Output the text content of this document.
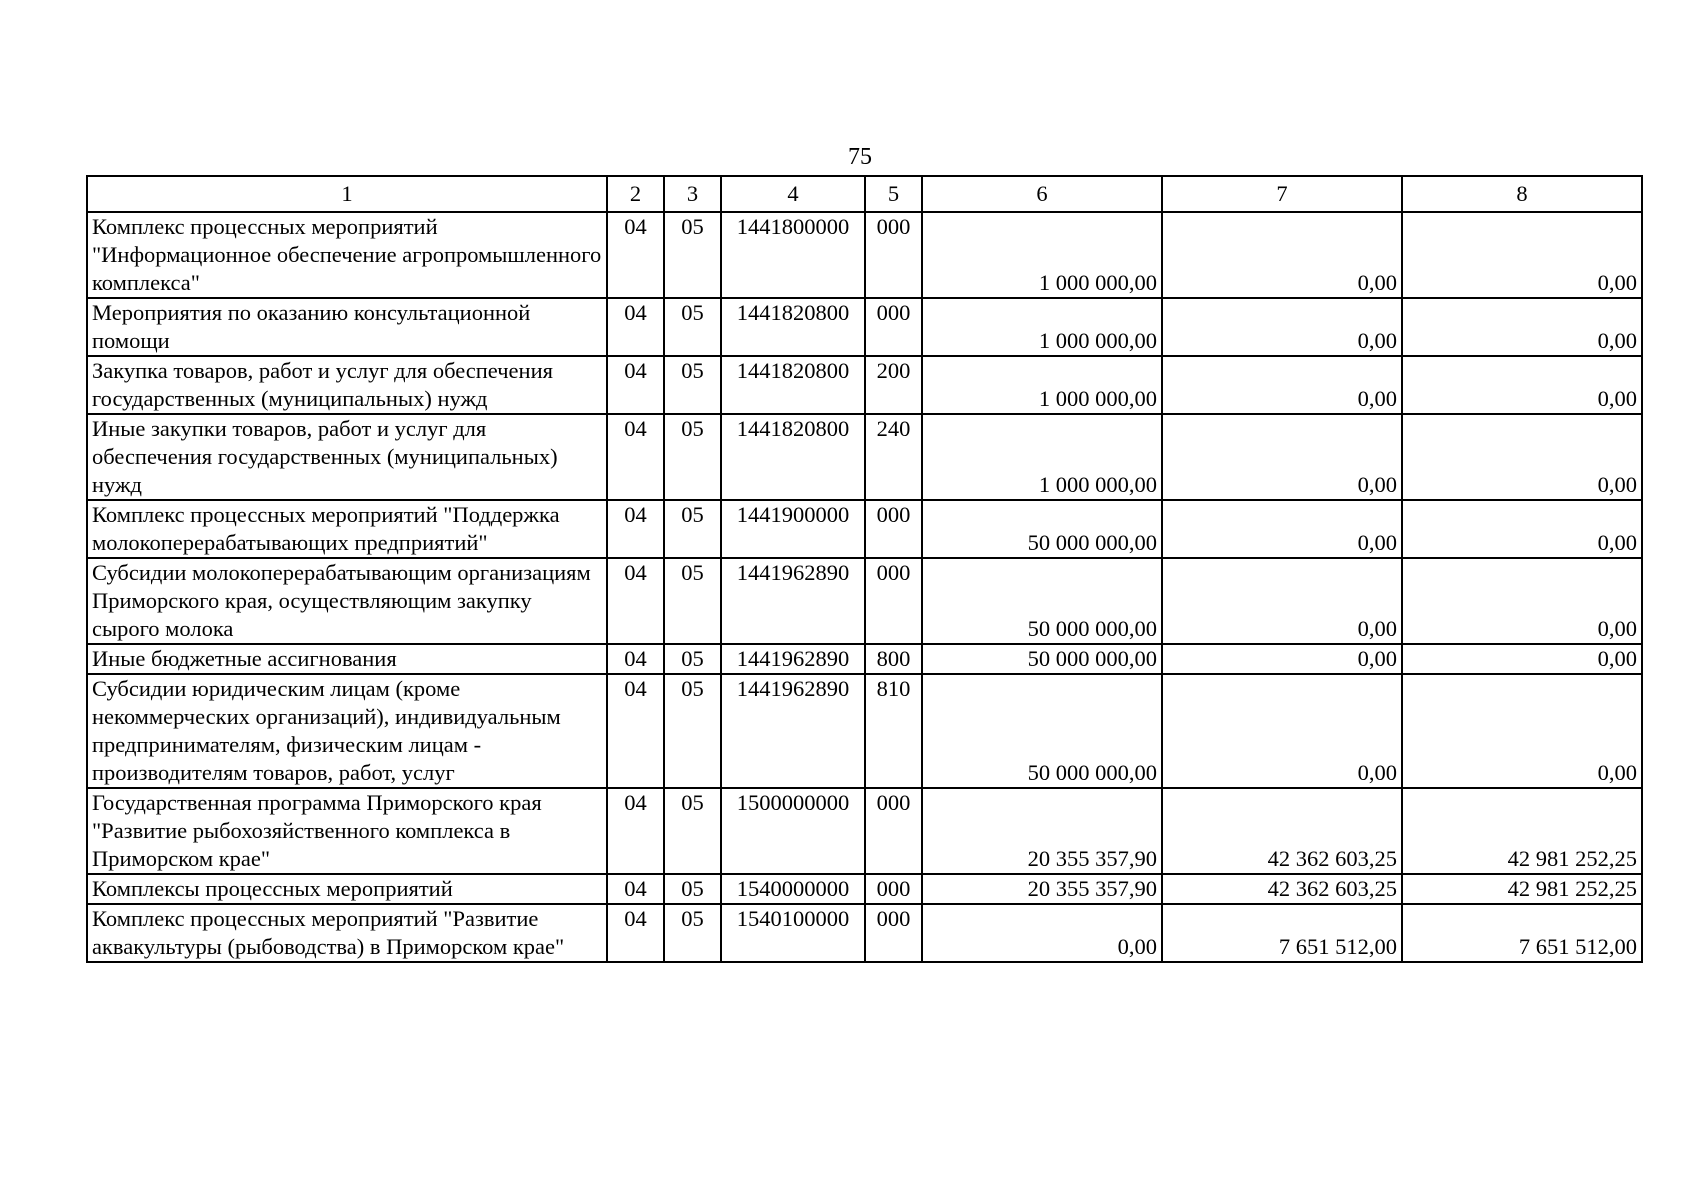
75
1	2	3	4	5	6	7	8
Комплекс процессных мероприятий "Информационное обеспечение агропромышленного комплекса"	04	05	1441800000	000	1 000 000,00	0,00	0,00
Мероприятия по оказанию консультационной помощи	04	05	1441820800	000	1 000 000,00	0,00	0,00
Закупка товаров, работ и услуг для обеспечения государственных (муниципальных) нужд	04	05	1441820800	200	1 000 000,00	0,00	0,00
Иные закупки товаров, работ и услуг для обеспечения государственных (муниципальных) нужд	04	05	1441820800	240	1 000 000,00	0,00	0,00
Комплекс процессных мероприятий "Поддержка молокоперерабатывающих предприятий"	04	05	1441900000	000	50 000 000,00	0,00	0,00
Субсидии молокоперерабатывающим организациям Приморского края, осуществляющим закупку сырого молока	04	05	1441962890	000	50 000 000,00	0,00	0,00
Иные бюджетные ассигнования	04	05	1441962890	800	50 000 000,00	0,00	0,00
Субсидии юридическим лицам (кроме некоммерческих организаций), индивидуальным предпринимателям, физическим лицам - производителям товаров, работ, услуг	04	05	1441962890	810	50 000 000,00	0,00	0,00
Государственная программа Приморского края "Развитие рыбохозяйственного комплекса в Приморском крае"	04	05	1500000000	000	20 355 357,90	42 362 603,25	42 981 252,25
Комплексы процессных мероприятий	04	05	1540000000	000	20 355 357,90	42 362 603,25	42 981 252,25
Комплекс процессных мероприятий "Развитие аквакультуры (рыбоводства) в Приморском крае"	04	05	1540100000	000	0,00	7 651 512,00	7 651 512,00
